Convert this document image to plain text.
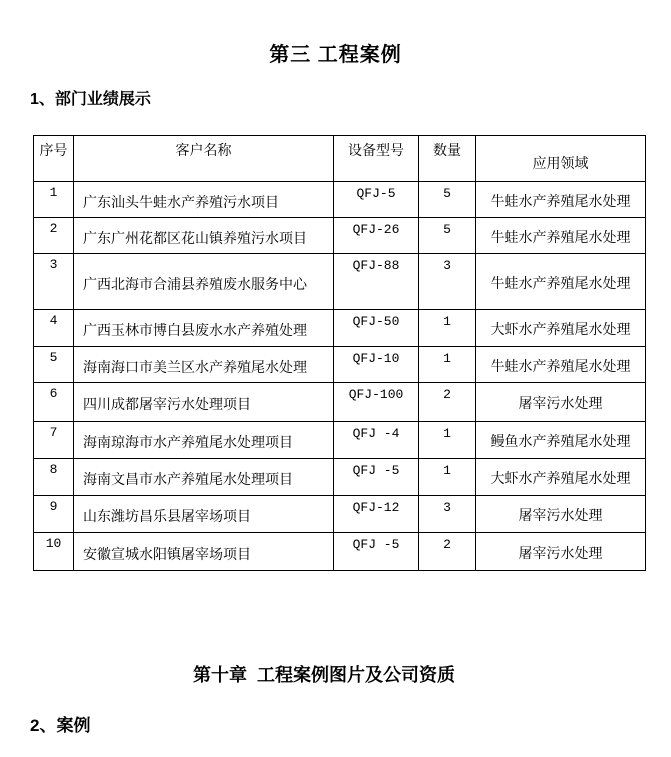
第三 工程案例
1、部门业绩展示
序号	客户名称	设备型号	数量	应用领域
1	广东汕头牛蛙水产养殖污水项目	QFJ-5	5	牛蛙水产养殖尾水处理
2	广东广州花都区花山镇养殖污水项目	QFJ-26	5	牛蛙水产养殖尾水处理
3	广西北海市合浦县养殖废水服务中心	QFJ-88	3	牛蛙水产养殖尾水处理
4	广西玉林市博白县废水水产养殖处理	QFJ-50	1	大虾水产养殖尾水处理
5	海南海口市美兰区水产养殖尾水处理	QFJ-10	1	牛蛙水产养殖尾水处理
6	四川成都屠宰污水处理项目	QFJ-100	2	屠宰污水处理
7	海南琼海市水产养殖尾水处理项目	QFJ -4	1	鳗鱼水产养殖尾水处理
8	海南文昌市水产养殖尾水处理项目	QFJ -5	1	大虾水产养殖尾水处理
9	山东潍坊昌乐县屠宰场项目	QFJ-12	3	屠宰污水处理
10	安徽宣城水阳镇屠宰场项目	QFJ -5	2	屠宰污水处理
第十章  工程案例图片及公司资质
2、案例
